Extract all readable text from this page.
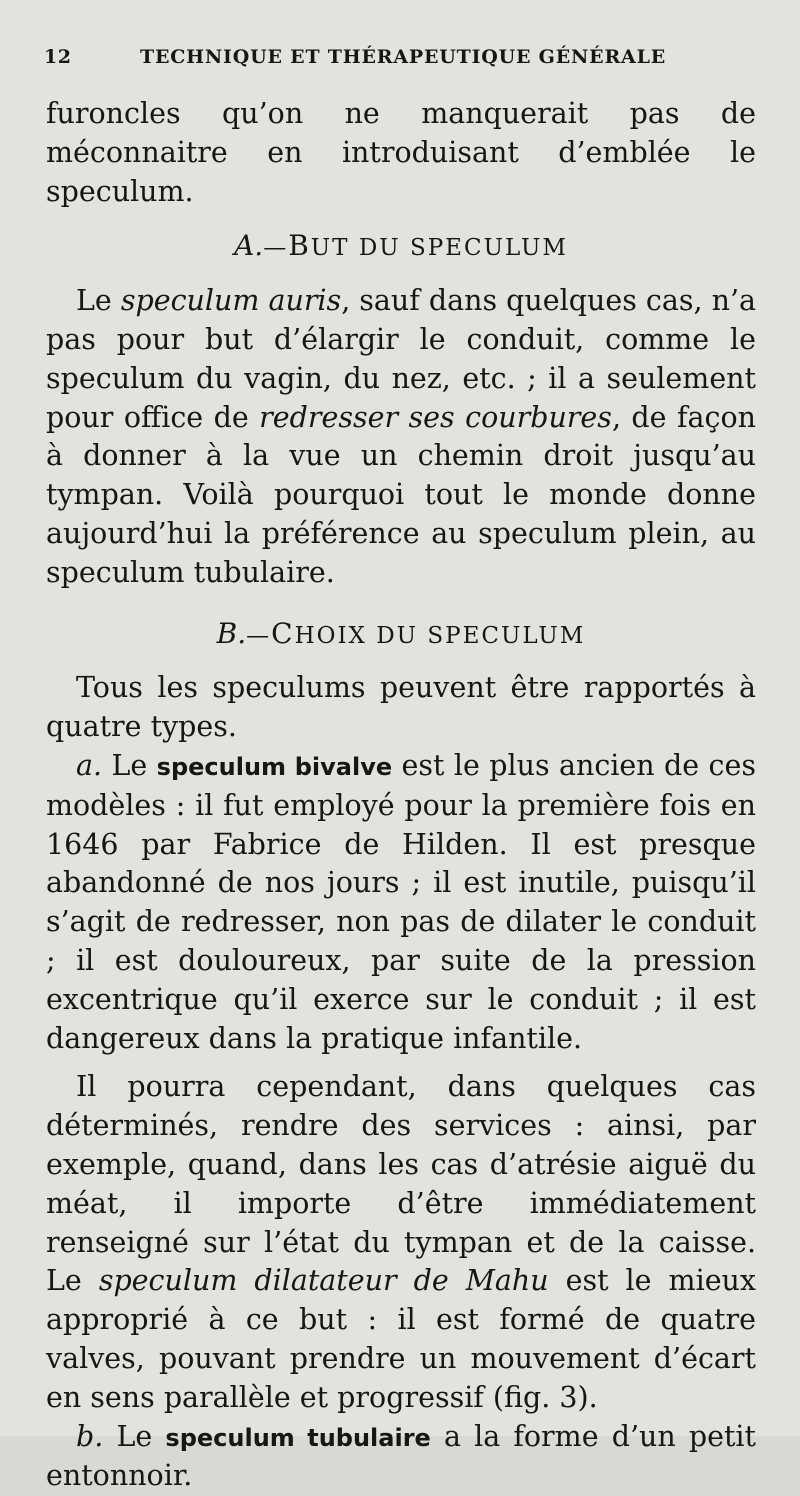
12	TECHNIQUE ET THÉRAPEUTIQUE GÉNÉRALE

furoncles qu’on ne manquerait pas de méconnaitre en introduisant d’emblée le speculum.

A.—BUT DU SPECULUM

Le speculum auris, sauf dans quelques cas, n’a pas pour but d’élargir le conduit, comme le speculum du vagin, du nez, etc. ; il a seulement pour office de redresser ses courbures, de façon à donner à la vue un chemin droit jusqu’au tympan. Voilà pourquoi tout le monde donne aujourd’hui la préférence au speculum plein, au speculum tubulaire.

B.—CHOIX DU SPECULUM

Tous les speculums peuvent être rapportés à quatre types.

a. Le speculum bivalve est le plus ancien de ces modèles : il fut employé pour la première fois en 1646 par Fabrice de Hilden. Il est presque abandonné de nos jours ; il est inutile, puisqu’il s’agit de redresser, non pas de dilater le conduit ; il est douloureux, par suite de la pression excentrique qu’il exerce sur le conduit ; il est dangereux dans la pratique infantile.

Il pourra cependant, dans quelques cas déterminés, rendre des services : ainsi, par exemple, quand, dans les cas d’atrésie aiguë du méat, il importe d’être immédiatement renseigné sur l’état du tympan et de la caisse. Le speculum dilatateur de Mahu est le mieux approprié à ce but : il est formé de quatre valves, pouvant prendre un mouvement d’écart en sens parallèle et progressif (fig. 3).

b. Le speculum tubulaire a la forme d’un petit entonnoir.
